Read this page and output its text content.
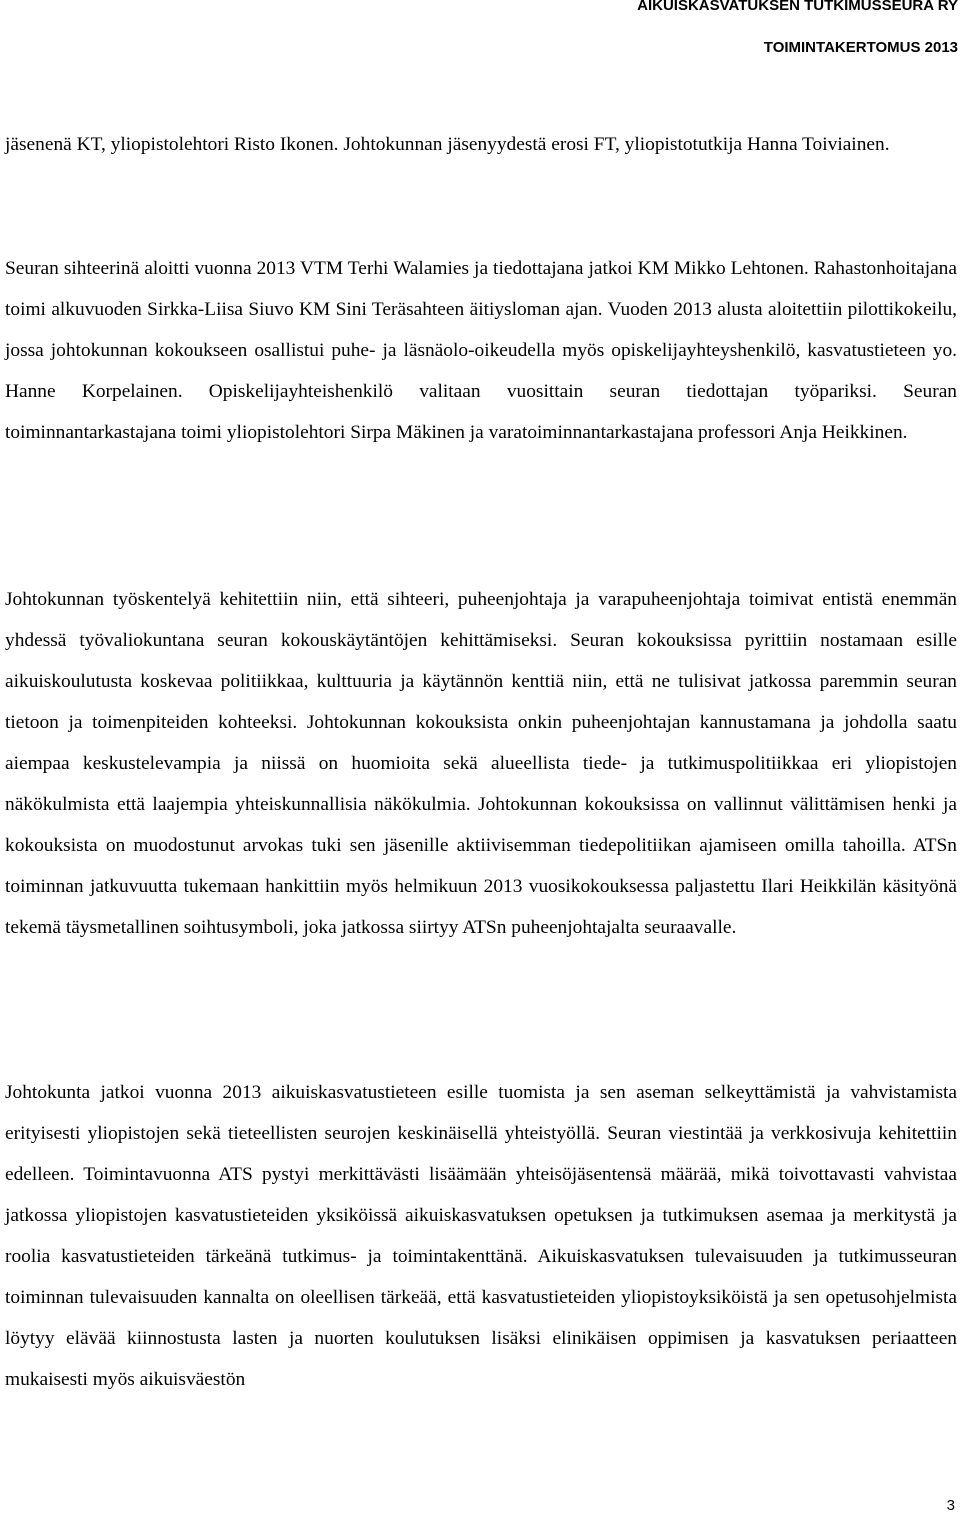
AIKUISKASVATUKSEN TUTKIMUSSEURA RY
TOIMINTAKERTOMUS 2013

jäsenenä KT, yliopistolehtori Risto Ikonen. Johtokunnan jäsenyydestä erosi FT, yliopistotutkija Hanna Toiviainen.

Seuran sihteerinä aloitti vuonna 2013 VTM Terhi Walamies ja tiedottajana jatkoi KM Mikko Lehtonen. Rahastonhoitajana toimi alkuvuoden Sirkka-Liisa Siuvo KM Sini Teräsahteen äitiysloman ajan. Vuoden 2013 alusta aloitettiin pilottikokeilu, jossa johtokunnan kokoukseen osallistui puhe- ja läsnäolo-oikeudella myös opiskelijayhteyshenkilö, kasvatustieteen yo. Hanne Korpelainen. Opiskelijayhteishenkilö valitaan vuosittain seuran tiedottajan työpariksi. Seuran toiminnantarkastajana toimi yliopistolehtori Sirpa Mäkinen ja varatoiminnantarkastajana professori Anja Heikkinen.

Johtokunnan työskentelyä kehitettiin niin, että sihteeri, puheenjohtaja ja varapuheenjohtaja toimivat entistä enemmän yhdessä työvaliokuntana seuran kokouskäytäntöjen kehittämiseksi. Seuran kokouksissa pyrittiin nostamaan esille aikuiskoulutusta koskevaa politiikkaa, kulttuuria ja käytännön kenttiä niin, että ne tulisivat jatkossa paremmin seuran tietoon ja toimenpiteiden kohteeksi. Johtokunnan kokouksista onkin puheenjohtajan kannustamana ja johdolla saatu aiempaa keskustelevampia ja niissä on huomioita sekä alueellista tiede- ja tutkimuspolitiikkaa eri yliopistojen näkökulmista että laajempia yhteiskunnallisia näkökulmia. Johtokunnan kokouksissa on vallinnut välittämisen henki ja kokouksista on muodostunut arvokas tuki sen jäsenille aktiivisemman tiedepolitiikan ajamiseen omilla tahoilla. ATSn toiminnan jatkuvuutta tukemaan hankittiin myös helmikuun 2013 vuosikokouksessa paljastettu Ilari Heikkilän käsityönä tekemä täysmetallinen soihtusymboli, joka jatkossa siirtyy ATSn puheenjohtajalta seuraavalle.

Johtokunta jatkoi vuonna 2013 aikuiskasvatustieteen esille tuomista ja sen aseman selkeyttämistä ja vahvistamista erityisesti yliopistojen sekä tieteellisten seurojen keskinäisellä yhteistyöllä. Seuran viestintää ja verkkosivuja kehitettiin edelleen. Toimintavuonna ATS pystyi merkittävästi lisäämään yhteisöjäsentensä määrää, mikä toivottavasti vahvistaa jatkossa yliopistojen kasvatustieteiden yksiköissä aikuiskasvatuksen opetuksen ja tutkimuksen asemaa ja merkitystä ja roolia kasvatustieteiden tärkeänä tutkimus- ja toimintakenttänä. Aikuiskasvatuksen tulevaisuuden ja tutkimusseuran toiminnan tulevaisuuden kannalta on oleellisen tärkeää, että kasvatustieteiden yliopistoyksiköistä ja sen opetusohjelmista löytyy elävää kiinnostusta lasten ja nuorten koulutuksen lisäksi elinikäisen oppimisen ja kasvatuksen periaatteen mukaisesti myös aikuisväestön

3
